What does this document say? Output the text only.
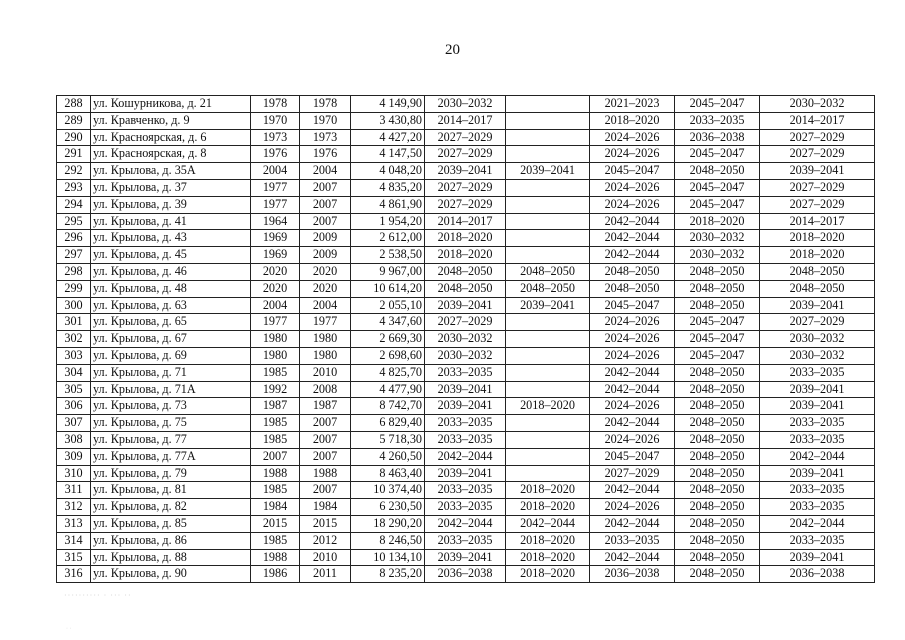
20
288	ул. Кошурникова, д. 21	1978	1978	4 149,90	2030–2032		2021–2023	2045–2047	2030–2032
289	ул. Кравченко, д. 9	1970	1970	3 430,80	2014–2017		2018–2020	2033–2035	2014–2017
290	ул. Красноярская, д. 6	1973	1973	4 427,20	2027–2029		2024–2026	2036–2038	2027–2029
291	ул. Красноярская, д. 8	1976	1976	4 147,50	2027–2029		2024–2026	2045–2047	2027–2029
292	ул. Крылова, д. 35А	2004	2004	4 048,20	2039–2041	2039–2041	2045–2047	2048–2050	2039–2041
293	ул. Крылова, д. 37	1977	2007	4 835,20	2027–2029		2024–2026	2045–2047	2027–2029
294	ул. Крылова, д. 39	1977	2007	4 861,90	2027–2029		2024–2026	2045–2047	2027–2029
295	ул. Крылова, д. 41	1964	2007	1 954,20	2014–2017		2042–2044	2018–2020	2014–2017
296	ул. Крылова, д. 43	1969	2009	2 612,00	2018–2020		2042–2044	2030–2032	2018–2020
297	ул. Крылова, д. 45	1969	2009	2 538,50	2018–2020		2042–2044	2030–2032	2018–2020
298	ул. Крылова, д. 46	2020	2020	9 967,00	2048–2050	2048–2050	2048–2050	2048–2050	2048–2050
299	ул. Крылова, д. 48	2020	2020	10 614,20	2048–2050	2048–2050	2048–2050	2048–2050	2048–2050
300	ул. Крылова, д. 63	2004	2004	2 055,10	2039–2041	2039–2041	2045–2047	2048–2050	2039–2041
301	ул. Крылова, д. 65	1977	1977	4 347,60	2027–2029		2024–2026	2045–2047	2027–2029
302	ул. Крылова, д. 67	1980	1980	2 669,30	2030–2032		2024–2026	2045–2047	2030–2032
303	ул. Крылова, д. 69	1980	1980	2 698,60	2030–2032		2024–2026	2045–2047	2030–2032
304	ул. Крылова, д. 71	1985	2010	4 825,70	2033–2035		2042–2044	2048–2050	2033–2035
305	ул. Крылова, д. 71А	1992	2008	4 477,90	2039–2041		2042–2044	2048–2050	2039–2041
306	ул. Крылова, д. 73	1987	1987	8 742,70	2039–2041	2018–2020	2024–2026	2048–2050	2039–2041
307	ул. Крылова, д. 75	1985	2007	6 829,40	2033–2035		2042–2044	2048–2050	2033–2035
308	ул. Крылова, д. 77	1985	2007	5 718,30	2033–2035		2024–2026	2048–2050	2033–2035
309	ул. Крылова, д. 77А	2007	2007	4 260,50	2042–2044		2045–2047	2048–2050	2042–2044
310	ул. Крылова, д. 79	1988	1988	8 463,40	2039–2041		2027–2029	2048–2050	2039–2041
311	ул. Крылова, д. 81	1985	2007	10 374,40	2033–2035	2018–2020	2042–2044	2048–2050	2033–2035
312	ул. Крылова, д. 82	1984	1984	6 230,50	2033–2035	2018–2020	2024–2026	2048–2050	2033–2035
313	ул. Крылова, д. 85	2015	2015	18 290,20	2042–2044	2042–2044	2042–2044	2048–2050	2042–2044
314	ул. Крылова, д. 86	1985	2012	8 246,50	2033–2035	2018–2020	2033–2035	2048–2050	2033–2035
315	ул. Крылова, д. 88	1988	2010	10 134,10	2039–2041	2018–2020	2042–2044	2048–2050	2039–2041
316	ул. Крылова, д. 90	1986	2011	8 235,20	2036–2038	2018–2020	2036–2038	2048–2050	2036–2038
·········· · ··· ··
· ·
